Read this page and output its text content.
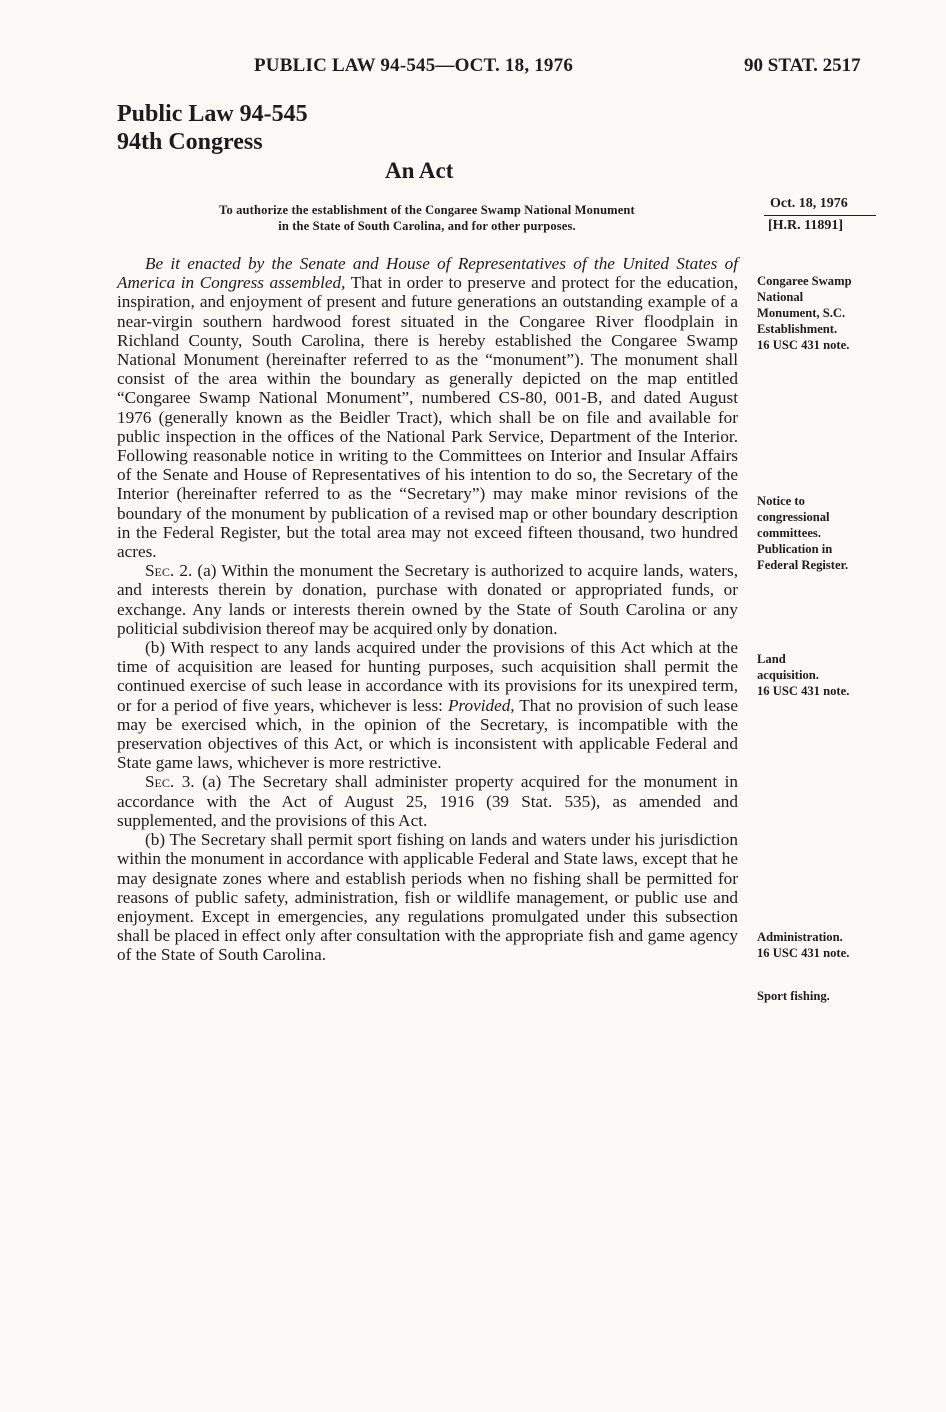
PUBLIC LAW 94-545—OCT. 18, 1976	90 STAT. 2517
Public Law 94-545
94th Congress
An Act
To authorize the establishment of the Congaree Swamp National Monument
in the State of South Carolina, and for other purposes.
Oct. 18, 1976
[H.R. 11891]

Be it enacted by the Senate and House of Representatives of the United States of America in Congress assembled, That in order to preserve and protect for the education, inspiration, and enjoyment of present and future generations an outstanding example of a near-virgin southern hardwood forest situated in the Congaree River floodplain in Richland County, South Carolina, there is hereby established the Congaree Swamp National Monument (hereinafter referred to as the “monument”). The monument shall consist of the area within the boundary as generally depicted on the map entitled “Congaree Swamp National Monument”, numbered CS-80, 001-B, and dated August 1976 (generally known as the Beidler Tract), which shall be on file and available for public inspection in the offices of the National Park Service, Department of the Interior. Following reasonable notice in writing to the Committees on Interior and Insular Affairs of the Senate and House of Representatives of his intention to do so, the Secretary of the Interior (hereinafter referred to as the “Secretary”) may make minor revisions of the boundary of the monument by publication of a revised map or other boundary description in the Federal Register, but the total area may not exceed fifteen thousand, two hundred acres.

Sec. 2. (a) Within the monument the Secretary is authorized to acquire lands, waters, and interests therein by donation, purchase with donated or appropriated funds, or exchange. Any lands or interests therein owned by the State of South Carolina or any politicial subdivision thereof may be acquired only by donation.

(b) With respect to any lands acquired under the provisions of this Act which at the time of acquisition are leased for hunting purposes, such acquisition shall permit the continued exercise of such lease in accordance with its provisions for its unexpired term, or for a period of five years, whichever is less: Provided, That no provision of such lease may be exercised which, in the opinion of the Secretary, is incompatible with the preservation objectives of this Act, or which is inconsistent with applicable Federal and State game laws, whichever is more restrictive.

Sec. 3. (a) The Secretary shall administer property acquired for the monument in accordance with the Act of August 25, 1916 (39 Stat. 535), as amended and supplemented, and the provisions of this Act.

(b) The Secretary shall permit sport fishing on lands and waters under his jurisdiction within the monument in accordance with applicable Federal and State laws, except that he may designate zones where and establish periods when no fishing shall be permitted for reasons of public safety, administration, fish or wildlife management, or public use and enjoyment. Except in emergencies, any regulations promulgated under this subsection shall be placed in effect only after consultation with the appropriate fish and game agency of the State of South Carolina.

Congaree Swamp
National
Monument, S.C.
Establishment.
16 USC 431 note.
Notice to
congressional
committees.
Publication in
Federal Register.
Land
acquisition.
16 USC 431 note.
Administration.
16 USC 431 note.
Sport fishing.
